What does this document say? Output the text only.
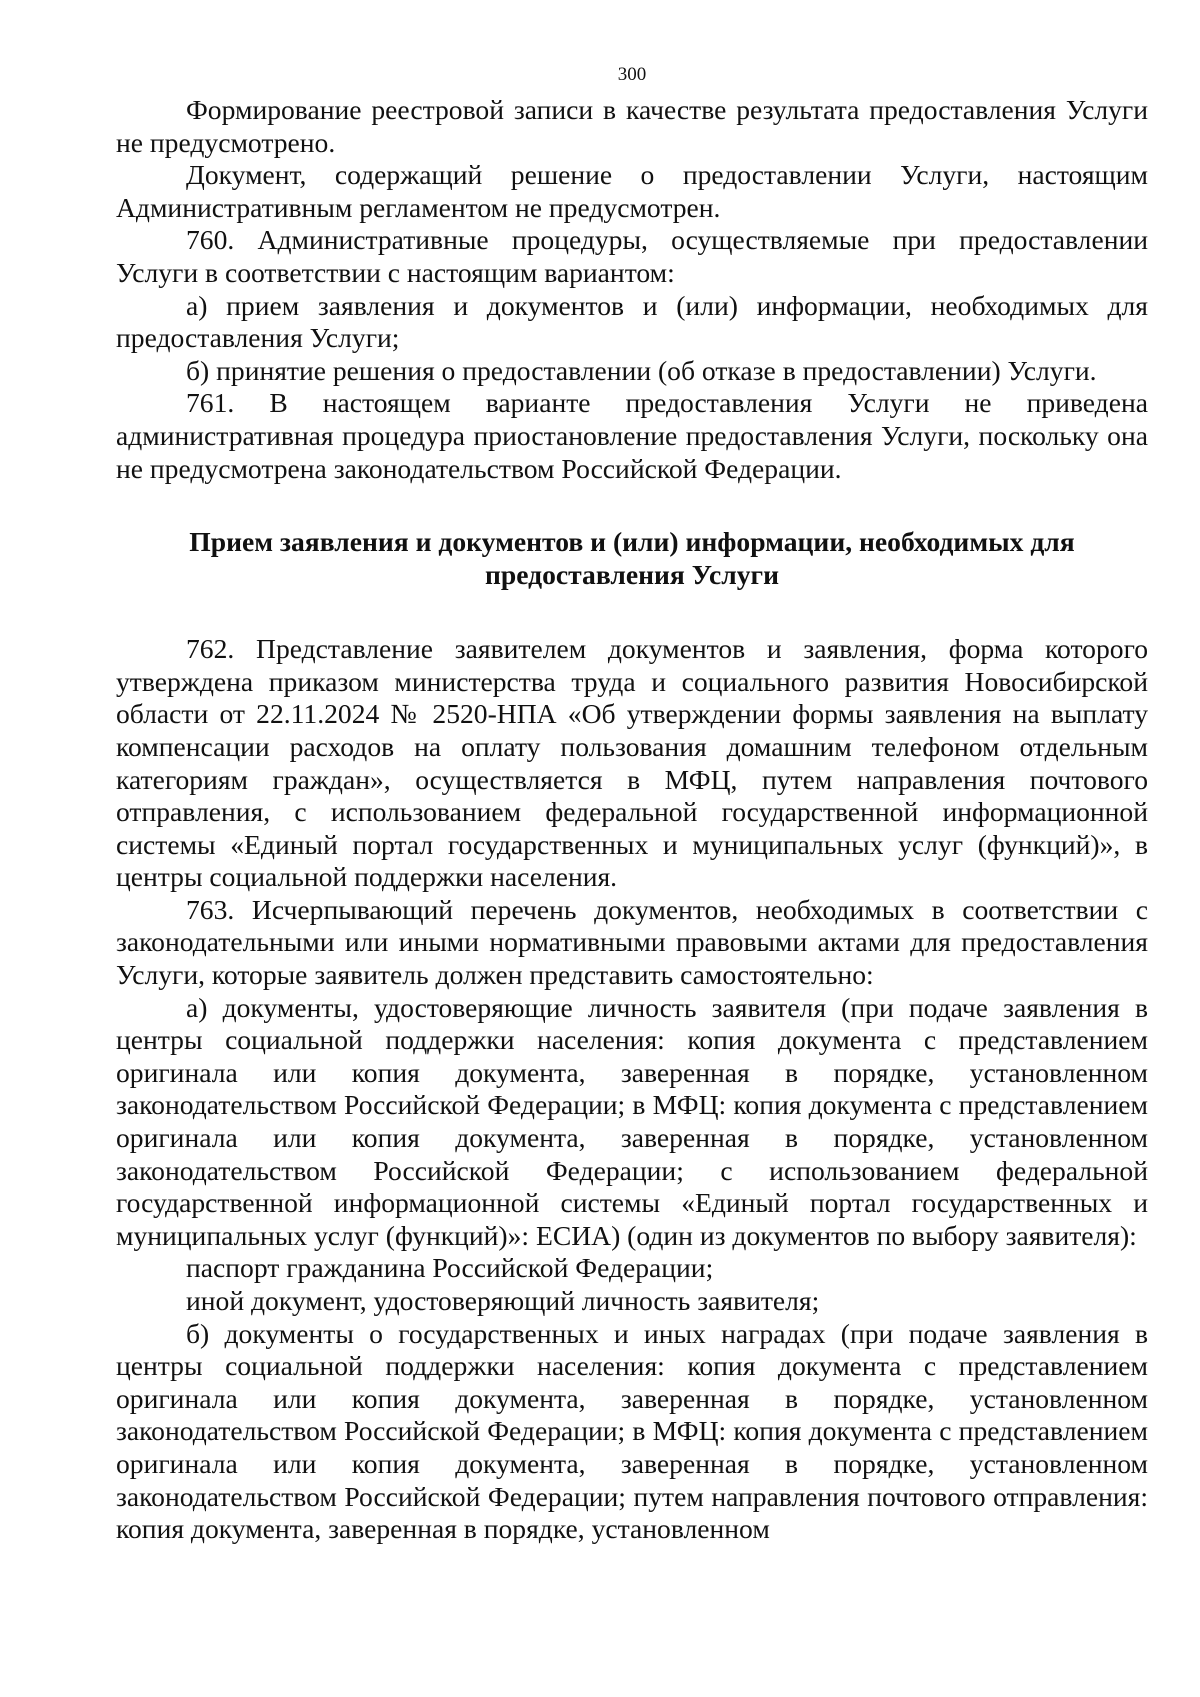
300

Формирование реестровой записи в качестве результата предоставления Услуги не предусмотрено.

Документ, содержащий решение о предоставлении Услуги, настоящим Административным регламентом не предусмотрен.

760. Административные процедуры, осуществляемые при предоставлении Услуги в соответствии с настоящим вариантом:

а) прием заявления и документов и (или) информации, необходимых для предоставления Услуги;

б) принятие решения о предоставлении (об отказе в предоставлении) Услуги.

761. В настоящем варианте предоставления Услуги не приведена административная процедура приостановление предоставления Услуги, поскольку она не предусмотрена законодательством Российской Федерации.

Прием заявления и документов и (или) информации, необходимых для предоставления Услуги

762. Представление заявителем документов и заявления, форма которого утверждена приказом министерства труда и социального развития Новосибирской области от 22.11.2024 № 2520-НПА «Об утверждении формы заявления на выплату компенсации расходов на оплату пользования домашним телефоном отдельным категориям граждан», осуществляется в МФЦ, путем направления почтового отправления, с использованием федеральной государственной информационной системы «Единый портал государственных и муниципальных услуг (функций)», в центры социальной поддержки населения.

763. Исчерпывающий перечень документов, необходимых в соответствии с законодательными или иными нормативными правовыми актами для предоставления Услуги, которые заявитель должен представить самостоятельно:

а) документы, удостоверяющие личность заявителя (при подаче заявления в центры социальной поддержки населения: копия документа с представлением оригинала или копия документа, заверенная в порядке, установленном законодательством Российской Федерации; в МФЦ: копия документа с представлением оригинала или копия документа, заверенная в порядке, установленном законодательством Российской Федерации; с использованием федеральной государственной информационной системы «Единый портал государственных и муниципальных услуг (функций)»: ЕСИА) (один из документов по выбору заявителя):

паспорт гражданина Российской Федерации;

иной документ, удостоверяющий личность заявителя;

б) документы о государственных и иных наградах (при подаче заявления в центры социальной поддержки населения: копия документа с представлением оригинала или копия документа, заверенная в порядке, установленном законодательством Российской Федерации; в МФЦ: копия документа с представлением оригинала или копия документа, заверенная в порядке, установленном законодательством Российской Федерации; путем направления почтового отправления: копия документа, заверенная в порядке, установленном
